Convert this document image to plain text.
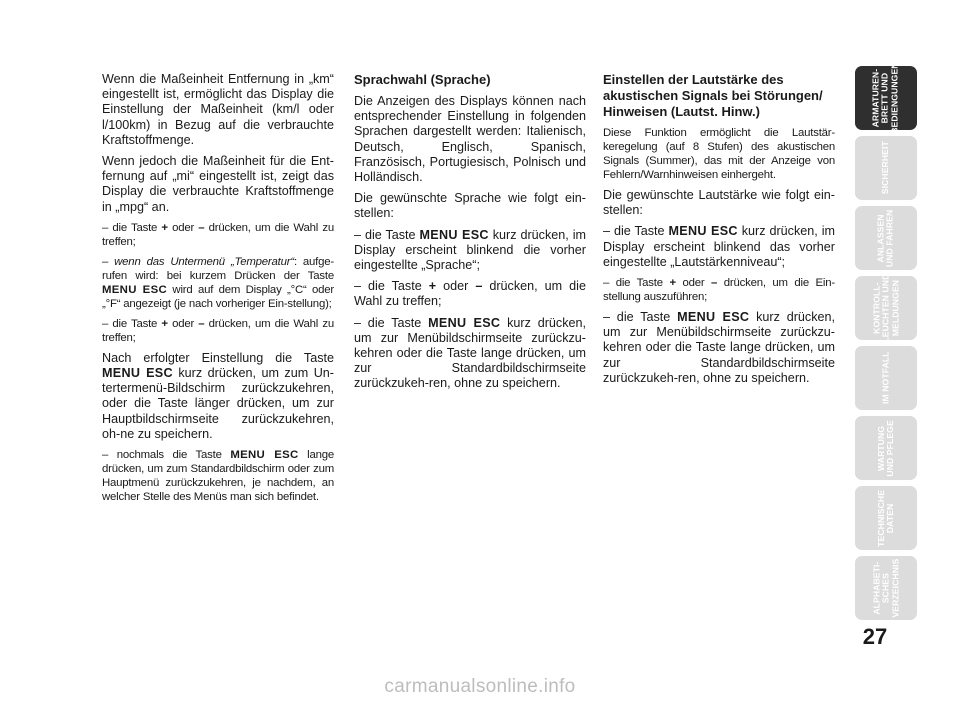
Wenn die Maßeinheit Entfernung in „km“ eingestellt ist, ermöglicht das Display die Einstellung der Maßeinheit (km/l oder l/100km) in Bezug auf die verbrauchte Kraftstoffmenge.

Wenn jedoch die Maßeinheit für die Ent-fernung auf „mi“ eingestellt ist, zeigt das Display die verbrauchte Kraftstoffmenge in „mpg“ an.

– die Taste + oder – drücken, um die Wahl zu treffen;

– wenn das Untermenü „Temperatur“: aufge-rufen wird: bei kurzem Drücken der Taste MENU ESC wird auf dem Display „°C“ oder „°F“ angezeigt (je nach vorheriger Ein-stellung);

– die Taste + oder – drücken, um die Wahl zu treffen;

Nach erfolgter Einstellung die Taste MENU ESC kurz drücken, um zum Un-tertermenü-Bildschirm zurückzukehren, oder die Taste länger drücken, um zur Hauptbildschirmseite zurückzukehren, oh-ne zu speichern.

– nochmals die Taste MENU ESC lange drücken, um zum Standardbildschirm oder zum Hauptmenü zurückzukehren, je nachdem, an welcher Stelle des Menüs man sich befindet.

Sprachwahl (Sprache)

Die Anzeigen des Displays können nach entsprechender Einstellung in folgenden Sprachen dargestellt werden: Italienisch, Deutsch, Englisch, Spanisch, Französisch, Portugiesisch, Polnisch und Holländisch.

Die gewünschte Sprache wie folgt ein-stellen:

– die Taste MENU ESC kurz drücken, im Display erscheint blinkend die vorher eingestellte „Sprache“;

– die Taste + oder – drücken, um die Wahl zu treffen;

– die Taste MENU ESC kurz drücken, um zur Menübildschirmseite zurückzu-kehren oder die Taste lange drücken, um zur Standardbildschirmseite zurückzukeh-ren, ohne zu speichern.

Einstellen der Lautstärke des akustischen Signals bei Störungen/ Hinweisen (Lautst. Hinw.)

Diese Funktion ermöglicht die Lautstär-keregelung (auf 8 Stufen) des akustischen Signals (Summer), das mit der Anzeige von Fehlern/Warnhinweisen einhergeht.

Die gewünschte Lautstärke wie folgt ein-stellen:

– die Taste MENU ESC kurz drücken, im Display erscheint blinkend das vorher eingestellte „Lautstärkenniveau“;

– die Taste + oder – drücken, um die Ein-stellung auszuführen;

– die Taste MENU ESC kurz drücken, um zur Menübildschirmseite zurückzu-kehren oder die Taste lange drücken, um zur Standardbildschirmseite zurückzukeh-ren, ohne zu speichern.

ARMATUREN-
BRETT UND
BEDIENGUNGEN
SICHERHEIT
ANLASSEN
UND FAHREN
KONTROLL-
LEUCHTEN UND
MELDUNGEN
IM NOTFALL
WARTUNG
UND PFLEGE
TECHNISCHE
DATEN
ALPHABETI-
SCHES
VERZEICHNIS
27
carmanualsonline.info
